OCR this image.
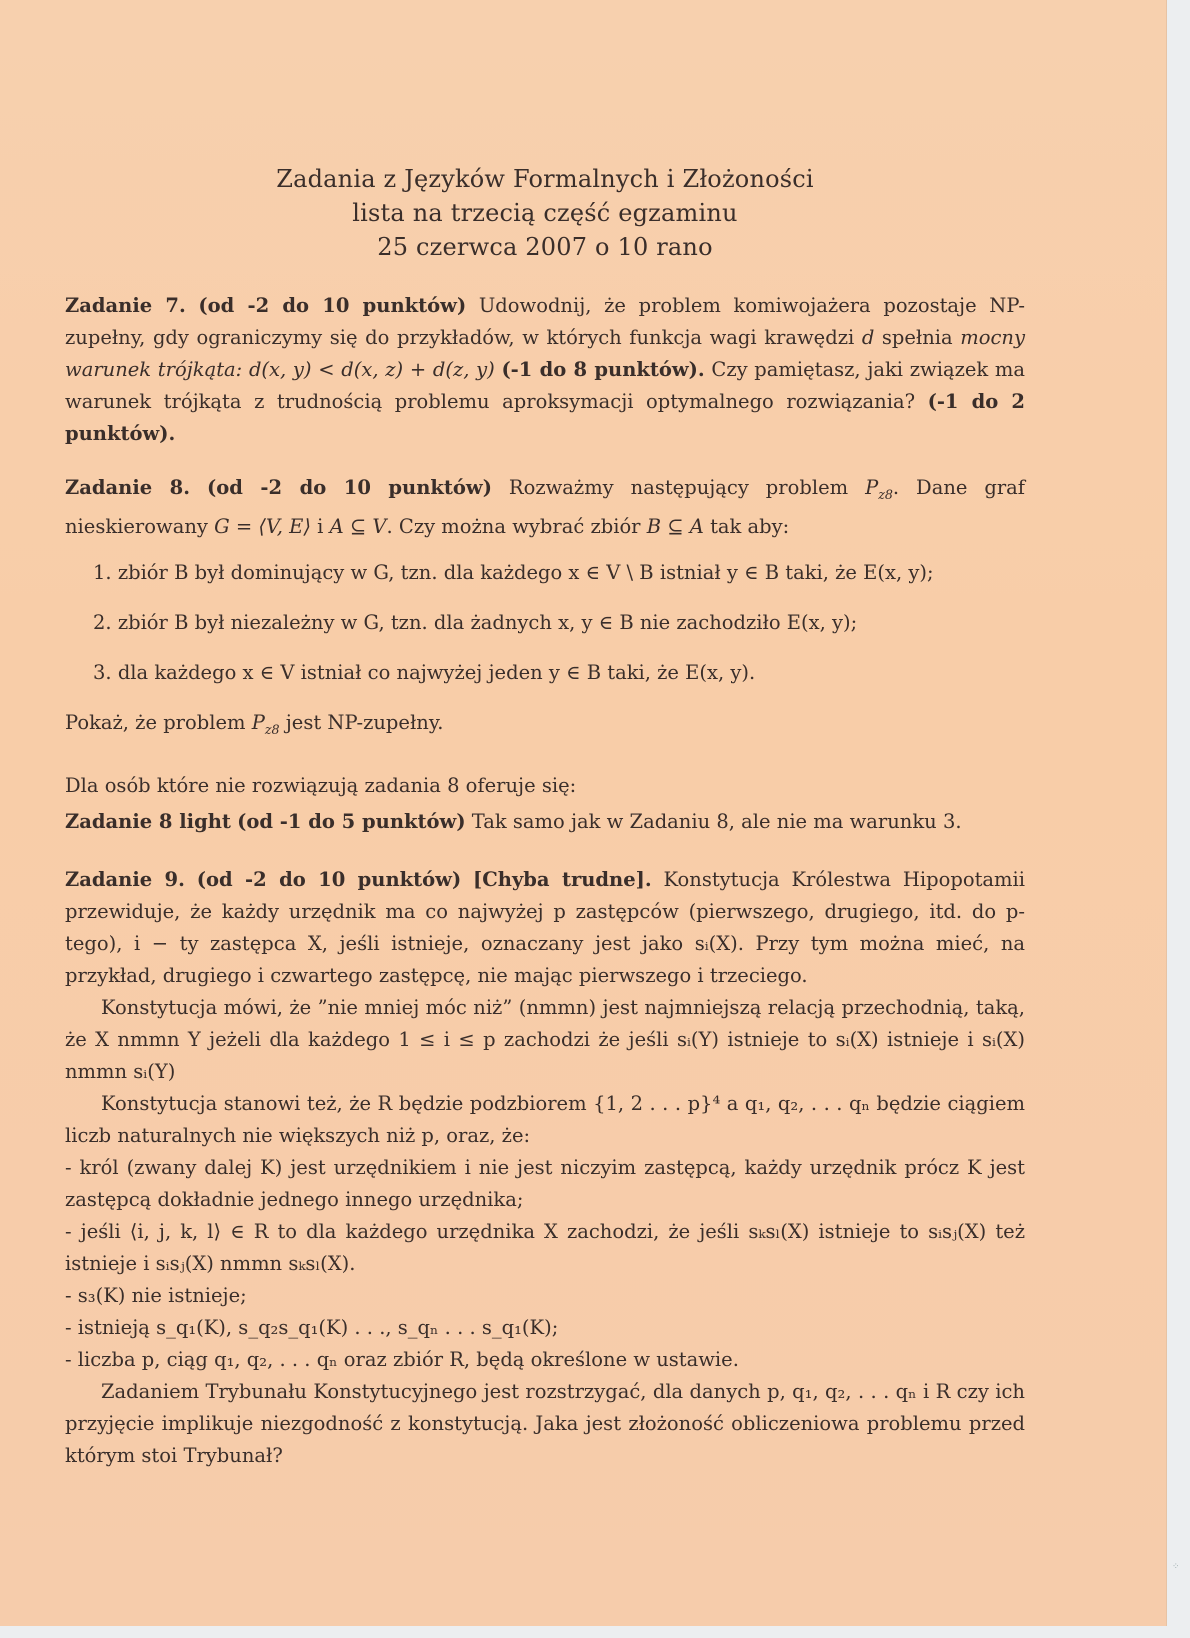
Zadania z Języków Formalnych i Złożoności
lista na trzecią część egzaminu
25 czerwca 2007 o 10 rano

Zadanie 7. (od -2 do 10 punktów) Udowodnij, że problem komiwojażera pozostaje NP-zupełny, gdy ograniczymy się do przykładów, w których funkcja wagi krawędzi d spełnia mocny warunek trójkąta: d(x, y) < d(x, z) + d(z, y) (-1 do 8 punktów). Czy pamiętasz, jaki związek ma warunek trójkąta z trudnością problemu aproksymacji optymalnego rozwiązania? (-1 do 2 punktów).

Zadanie 8. (od -2 do 10 punktów) Rozważmy następujący problem $P_{z8}$. Dane graf nieskierowany G = ⟨V, E⟩ i A ⊆ V. Czy można wybrać zbiór B ⊆ A tak aby:

1. zbiór B był dominujący w G, tzn. dla każdego x ∈ V \ B istniał y ∈ B taki, że E(x, y);
2. zbiór B był niezależny w G, tzn. dla żadnych x, y ∈ B nie zachodziło E(x, y);
3. dla każdego x ∈ V istniał co najwyżej jeden y ∈ B taki, że E(x, y).

Pokaż, że problem $P_{z8}$ jest NP-zupełny.

Dla osób które nie rozwiązują zadania 8 oferuje się:

Zadanie 8 light (od -1 do 5 punktów) Tak samo jak w Zadaniu 8, ale nie ma warunku 3.

Zadanie 9. (od -2 do 10 punktów) [Chyba trudne]. Konstytucja Królestwa Hipopotamii przewiduje, że każdy urzędnik ma co najwyżej p zastępców (pierwszego, drugiego, itd. do p-tego), i − ty zastępca X, jeśli istnieje, oznaczany jest jako sᵢ(X). Przy tym można mieć, na przykład, drugiego i czwartego zastępcę, nie mając pierwszego i trzeciego.

Konstytucja mówi, że ”nie mniej móc niż” (nmmn) jest najmniejszą relacją przechodnią, taką, że X nmmn Y jeżeli dla każdego 1 ≤ i ≤ p zachodzi że jeśli sᵢ(Y) istnieje to sᵢ(X) istnieje i sᵢ(X) nmmn sᵢ(Y)

Konstytucja stanowi też, że R będzie podzbiorem {1, 2 . . . p}⁴ a q₁, q₂, . . . qₙ będzie ciągiem liczb naturalnych nie większych niż p, oraz, że:

- król (zwany dalej K) jest urzędnikiem i nie jest niczyim zastępcą, każdy urzędnik prócz K jest zastępcą dokładnie jednego innego urzędnika;

- jeśli ⟨i, j, k, l⟩ ∈ R to dla każdego urzędnika X zachodzi, że jeśli sₖsₗ(X) istnieje to sᵢsⱼ(X) też istnieje i sᵢsⱼ(X) nmmn sₖsₗ(X).

- s₃(K) nie istnieje;

- istnieją s_q₁(K), s_q₂s_q₁(K) . . ., s_qₙ . . . s_q₁(K);

- liczba p, ciąg q₁, q₂, . . . qₙ oraz zbiór R, będą określone w ustawie.

Zadaniem Trybunału Konstytucyjnego jest rozstrzygać, dla danych p, q₁, q₂, . . . qₙ i R czy ich przyjęcie implikuje niezgodność z konstytucją. Jaka jest złożoność obliczeniowa problemu przed którym stoi Trybunał?

⁘
